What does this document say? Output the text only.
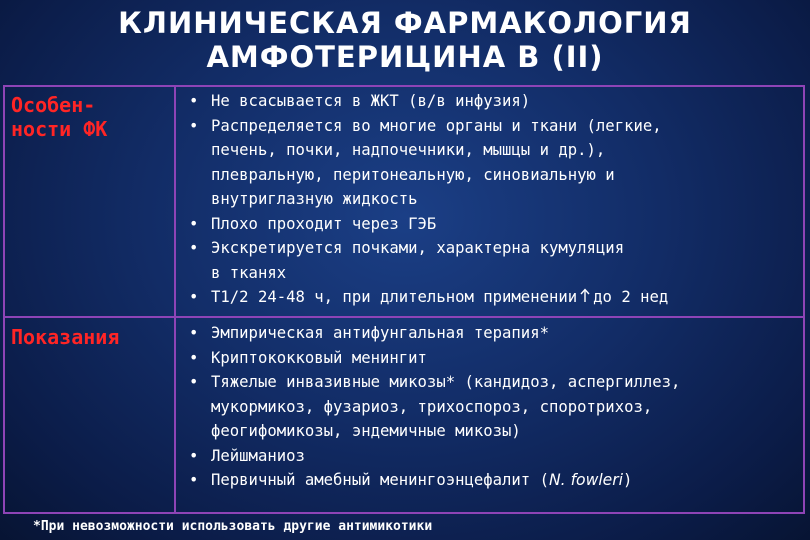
КЛИНИЧЕСКАЯ ФАРМАКОЛОГИЯ
АМФОТЕРИЦИНА В (II)
Особен-
ности ФК
• Не всасывается в ЖКТ (в/в инфузия)
• Распределяется во многие органы и ткани (легкие,
печень, почки, надпочечники, мышцы и др.),
плевральную, перитонеальную, синовиальную и
внутриглазную жидкость
• Плохо проходит через ГЭБ
• Экскретируется почками, характерна кумуляция
в тканях
• Т1/2 24-48 ч, при длительном применении до 2 нед
Показания	• Эмпирическая антифунгальная терапия*
• Криптококковый менингит
• Тяжелые инвазивные микозы* (кандидоз, аспергиллез,
мукормикоз, фузариоз, трихоспороз, споротрихоз,
феогифомикозы, эндемичные микозы)
• Лейшманиоз
• Первичный амебный менингоэнцефалит (N. fowleri)
*При невозможности использовать другие антимикотики
